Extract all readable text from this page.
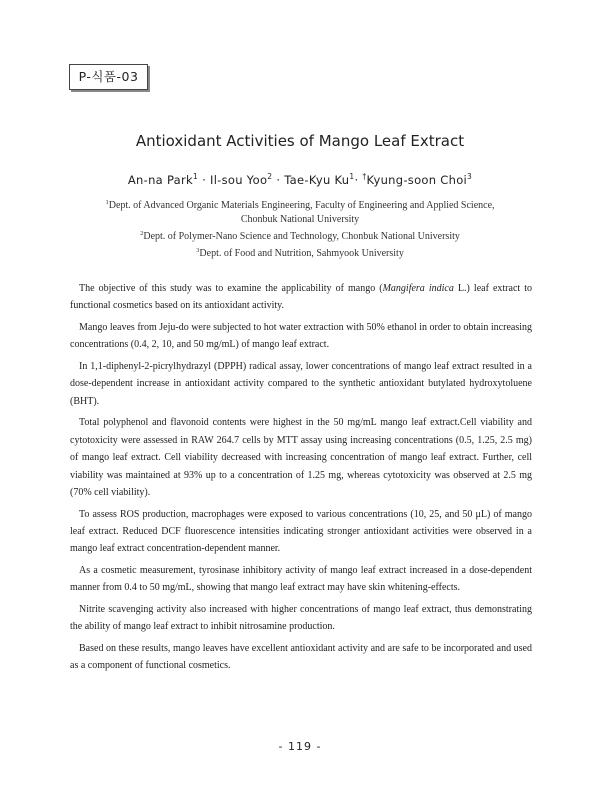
P-식품-03
Antioxidant Activities of Mango Leaf Extract
An-na Park$^1$ · Il-sou Yoo$^2$ · Tae-Kyu $Ku^1\cdot$ †Kyung-soon Choi$^3$
$^1$Dept. of Advanced Organic Materials Engineering, Faculty of Engineering and Applied Science,
Chonbuk National University
$^2$Dept. of Polymer-Nano Science and Technology, Chonbuk National University
$^3$Dept. of Food and Nutrition, Sahmyook University

The objective of this study was to examine the applicability of mango (Mangifera indica L.) leaf extract to functional cosmetics based on its antioxidant activity.

Mango leaves from Jeju-do were subjected to hot water extraction with 50% ethanol in order to obtain increasing concentrations (0.4, 2, 10, and 50 mg/mL) of mango leaf extract.

In 1,1-diphenyl-2-picrylhydrazyl (DPPH) radical assay, lower concentrations of mango leaf extract resulted in a dose-dependent increase in antioxidant activity compared to the synthetic antioxidant butylated hydroxytoluene (BHT).

Total polyphenol and flavonoid contents were highest in the 50 mg/mL mango leaf extract.Cell viability and cytotoxicity were assessed in RAW 264.7 cells by MTT assay using increasing concentrations (0.5, 1.25, 2.5 mg) of mango leaf extract. Cell viability decreased with increasing concentration of mango leaf extract. Further, cell viability was maintained at 93% up to a concentration of 1.25 mg, whereas cytotoxicity was observed at 2.5 mg (70% cell viability).

To assess ROS production, macrophages were exposed to various concentrations (10, 25, and 50 μL) of mango leaf extract. Reduced DCF fluorescence intensities indicating stronger antioxidant activities were observed in a mango leaf extract concentration-dependent manner.

As a cosmetic measurement, tyrosinase inhibitory activity of mango leaf extract increased in a dose-dependent manner from 0.4 to 50 mg/mL, showing that mango leaf extract may have skin whitening-effects.

Nitrite scavenging activity also increased with higher concentrations of mango leaf extract, thus demonstrating the ability of mango leaf extract to inhibit nitrosamine production.

Based on these results, mango leaves have excellent antioxidant activity and are safe to be incorporated and used as a component of functional cosmetics.

- 119 -
